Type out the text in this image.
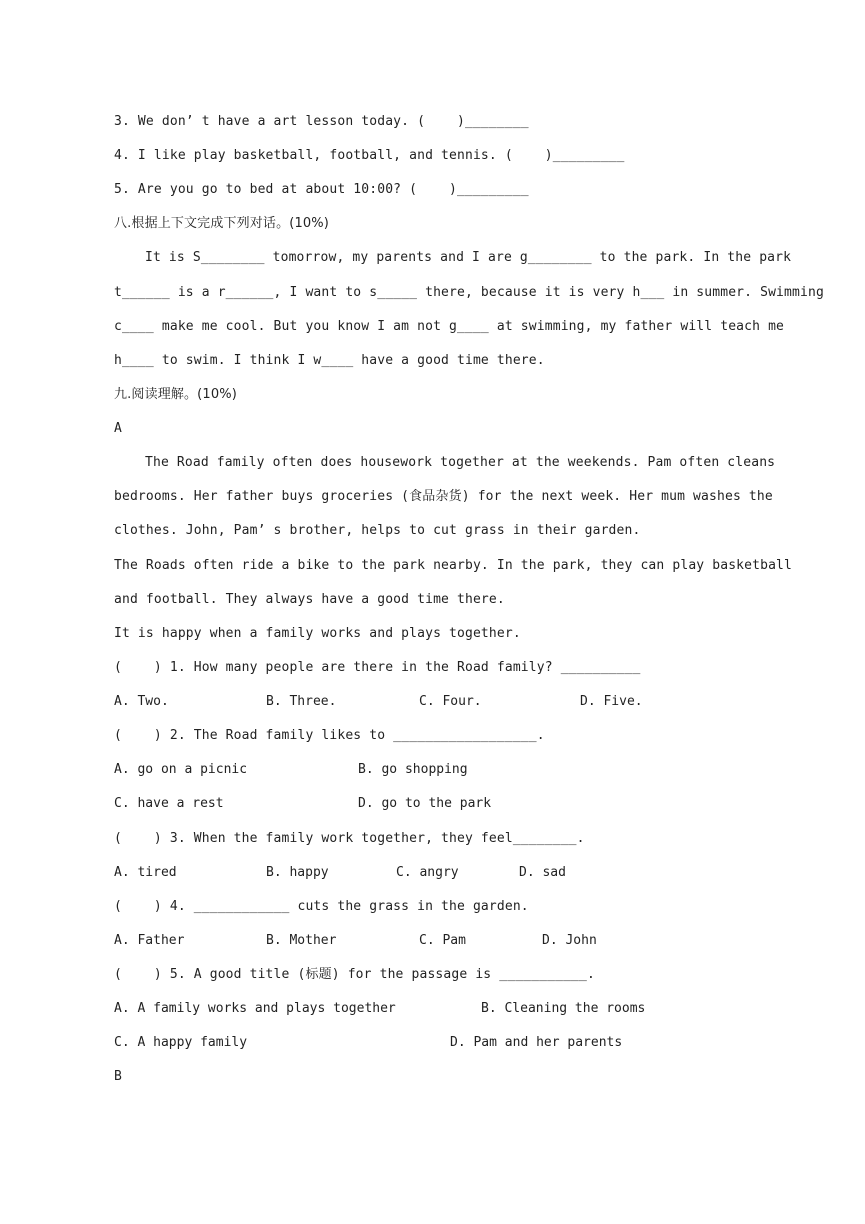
3. We don’ t have a art lesson today. (    )________
4. I like play basketball, football, and tennis. (    )_________
5. Are you go to bed at about 10:00? (    )_________
八.根据上下文完成下列对话。(10%)
It is S________ tomorrow, my parents and I are g________ to the park. In the park
t______ is a r______, I want to s_____ there, because it is very h___ in summer. Swimming
c____ make me cool. But you know I am not g____ at swimming, my father will teach me
h____ to swim. I think I w____ have a good time there.
九.阅读理解。(10%)
A
The Road family often does housework together at the weekends. Pam often cleans
bedrooms. Her father buys groceries (食品杂货) for the next week. Her mum washes the
clothes. John, Pam’ s brother, helps to cut grass in their garden.
The Roads often ride a bike to the park nearby. In the park, they can play basketball
and football. They always have a good time there.
It is happy when a family works and plays together.
(    ) 1. How many people are there in the Road family? __________
A. Two.	B. Three.	C. Four.	D. Five.
(    ) 2. The Road family likes to __________________.
A. go on a picnic	B. go shopping
C. have a rest	D. go to the park
(    ) 3. When the family work together, they feel________.
A. tired	B. happy	C. angry	D. sad
(    ) 4. ____________ cuts the grass in the garden.
A. Father	B. Mother	C. Pam	D. John
(    ) 5. A good title (标题) for the passage is ___________.
A. A family works and plays together	B. Cleaning the rooms
C. A happy family	D. Pam and her parents
B
